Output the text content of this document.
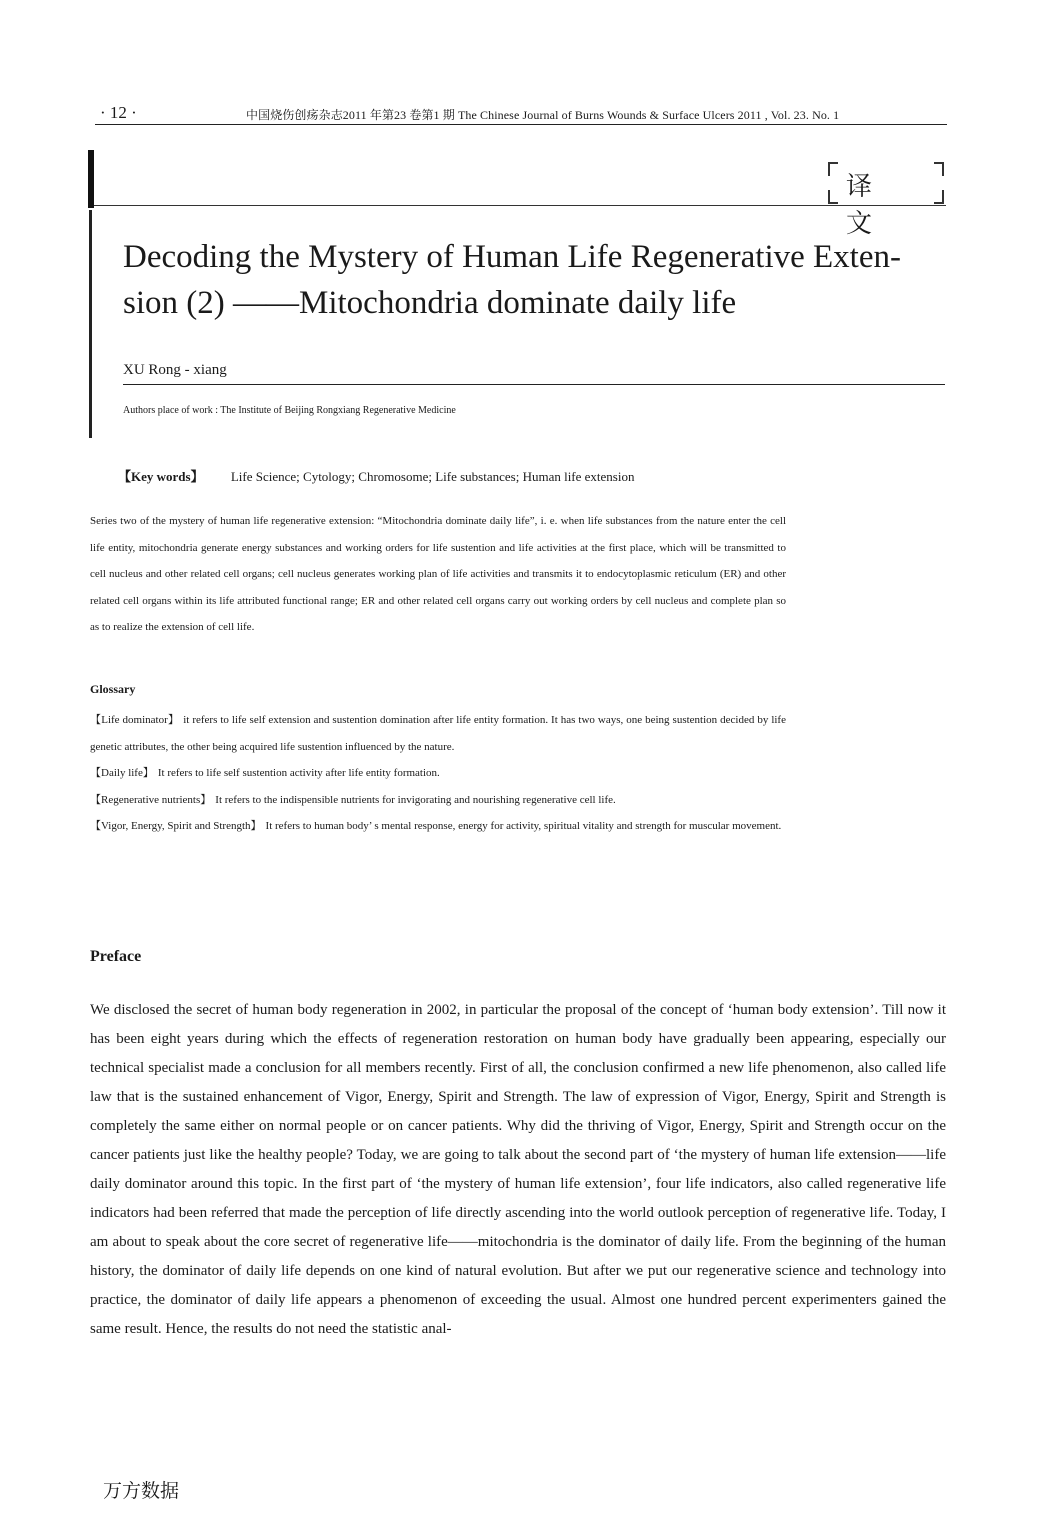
· 12 ·	中国烧伤创疡杂志2011 年第23 卷第1 期 The Chinese Journal of Burns Wounds & Surface Ulcers 2011 , Vol. 23. No. 1
译 文
Decoding the Mystery of Human Life Regenerative Exten-sion (2) ——Mitochondria dominate daily life
XU Rong - xiang
Authors place of work : The Institute of Beijing Rongxiang Regenerative Medicine
【Key words】 Life Science; Cytology; Chromosome; Life substances; Human life extension

Series two of the mystery of human life regenerative extension: “Mitochondria dominate daily life”, i. e. when life substances from the nature enter the cell life entity, mitochondria generate energy substances and working orders for life sustention and life activities at the first place, which will be transmitted to cell nucleus and other related cell organs; cell nucleus generates working plan of life activities and transmits it to endocytoplasmic reticulum (ER) and other related cell organs within its life attributed functional range; ER and other related cell organs carry out working orders by cell nucleus and complete plan so as to realize the extension of cell life.

Glossary
【Life dominator】 it refers to life self extension and sustention domination after life entity formation. It has two ways, one being sustention decided by life genetic attributes, the other being acquired life sustention influenced by the nature.
【Daily life】 It refers to life self sustention activity after life entity formation.
【Regenerative nutrients】 It refers to the indispensible nutrients for invigorating and nourishing regenerative cell life.
【Vigor, Energy, Spirit and Strength】 It refers to human body’ s mental response, energy for activity, spiritual vitality and strength for muscular movement.
Preface

We disclosed the secret of human body regeneration in 2002, in particular the proposal of the concept of ‘human body extension’. Till now it has been eight years during which the effects of regeneration restoration on human body have gradually been appearing, especially our technical specialist made a conclusion for all members recently. First of all, the conclusion confirmed a new life phenomenon, also called life law that is the sustained enhancement of Vigor, Energy, Spirit and Strength. The law of expression of Vigor, Energy, Spirit and Strength is completely the same either on normal people or on cancer patients. Why did the thriving of Vigor, Energy, Spirit and Strength occur on the cancer patients just like the healthy people? Today, we are going to talk about the second part of ‘the mystery of human life extension——life daily dominator around this topic. In the first part of ‘the mystery of human life extension’, four life indicators, also called regenerative life indicators had been referred that made the perception of life directly ascending into the world outlook perception of regenerative life. Today, I am about to speak about the core secret of regenerative life——mitochondria is the dominator of daily life. From the beginning of the human history, the dominator of daily life depends on one kind of natural evolution. But after we put our regenerative science and technology into practice, the dominator of daily life appears a phenomenon of exceeding the usual. Almost one hundred percent experimenters gained the same result. Hence, the results do not need the statistic anal-

万方数据
